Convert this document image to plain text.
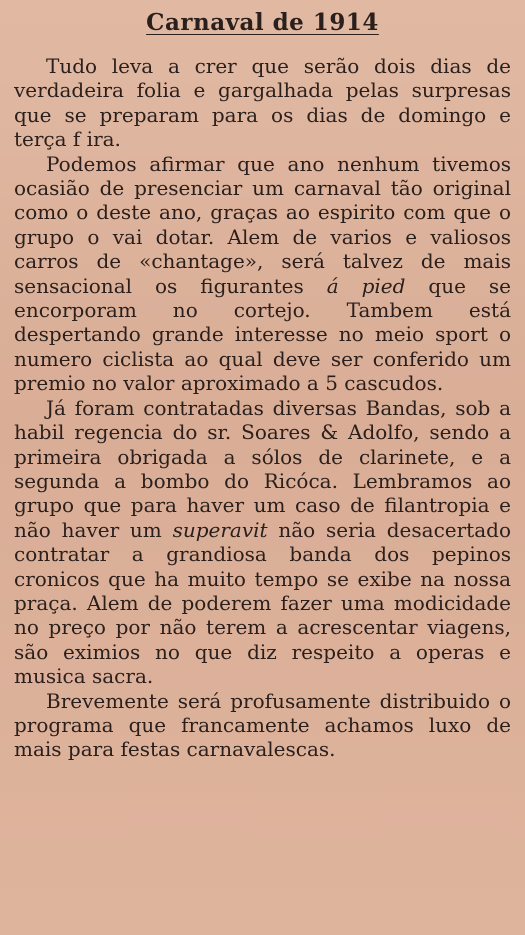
Carnaval de 1914

Tudo leva a crer que serão dois dias de verdadeira folia e gargalhada pelas surpresas que se preparam para os dias de domingo e terça f ira.

Podemos afirmar que ano nenhum tivemos ocasião de presenciar um carnaval tão original como o deste ano, graças ao espirito com que o grupo o vai dotar. Alem de varios e valiosos carros de «chantage», será talvez de mais sensacional os figurantes á pied que se encorporam no cortejo. Tambem está despertando grande interesse no meio sport o numero ciclista ao qual deve ser conferido um premio no valor aproximado a 5 cascudos.

Já foram contratadas diversas Bandas, sob a habil regencia do sr. Soares & Adolfo, sendo a primeira obrigada a sólos de clarinete, e a segunda a bombo do Ricóca. Lembramos ao grupo que para haver um caso de filantropia e não haver um superavit não seria desacertado contratar a grandiosa banda dos pepinos cronicos que ha muito tempo se exibe na nossa praça. Alem de poderem fazer uma modicidade no preço por não terem a acrescentar viagens, são eximios no que diz respeito a operas e musica sacra.

Brevemente será profusamente distribuido o programa que francamente achamos luxo de mais para festas carnavalescas.
